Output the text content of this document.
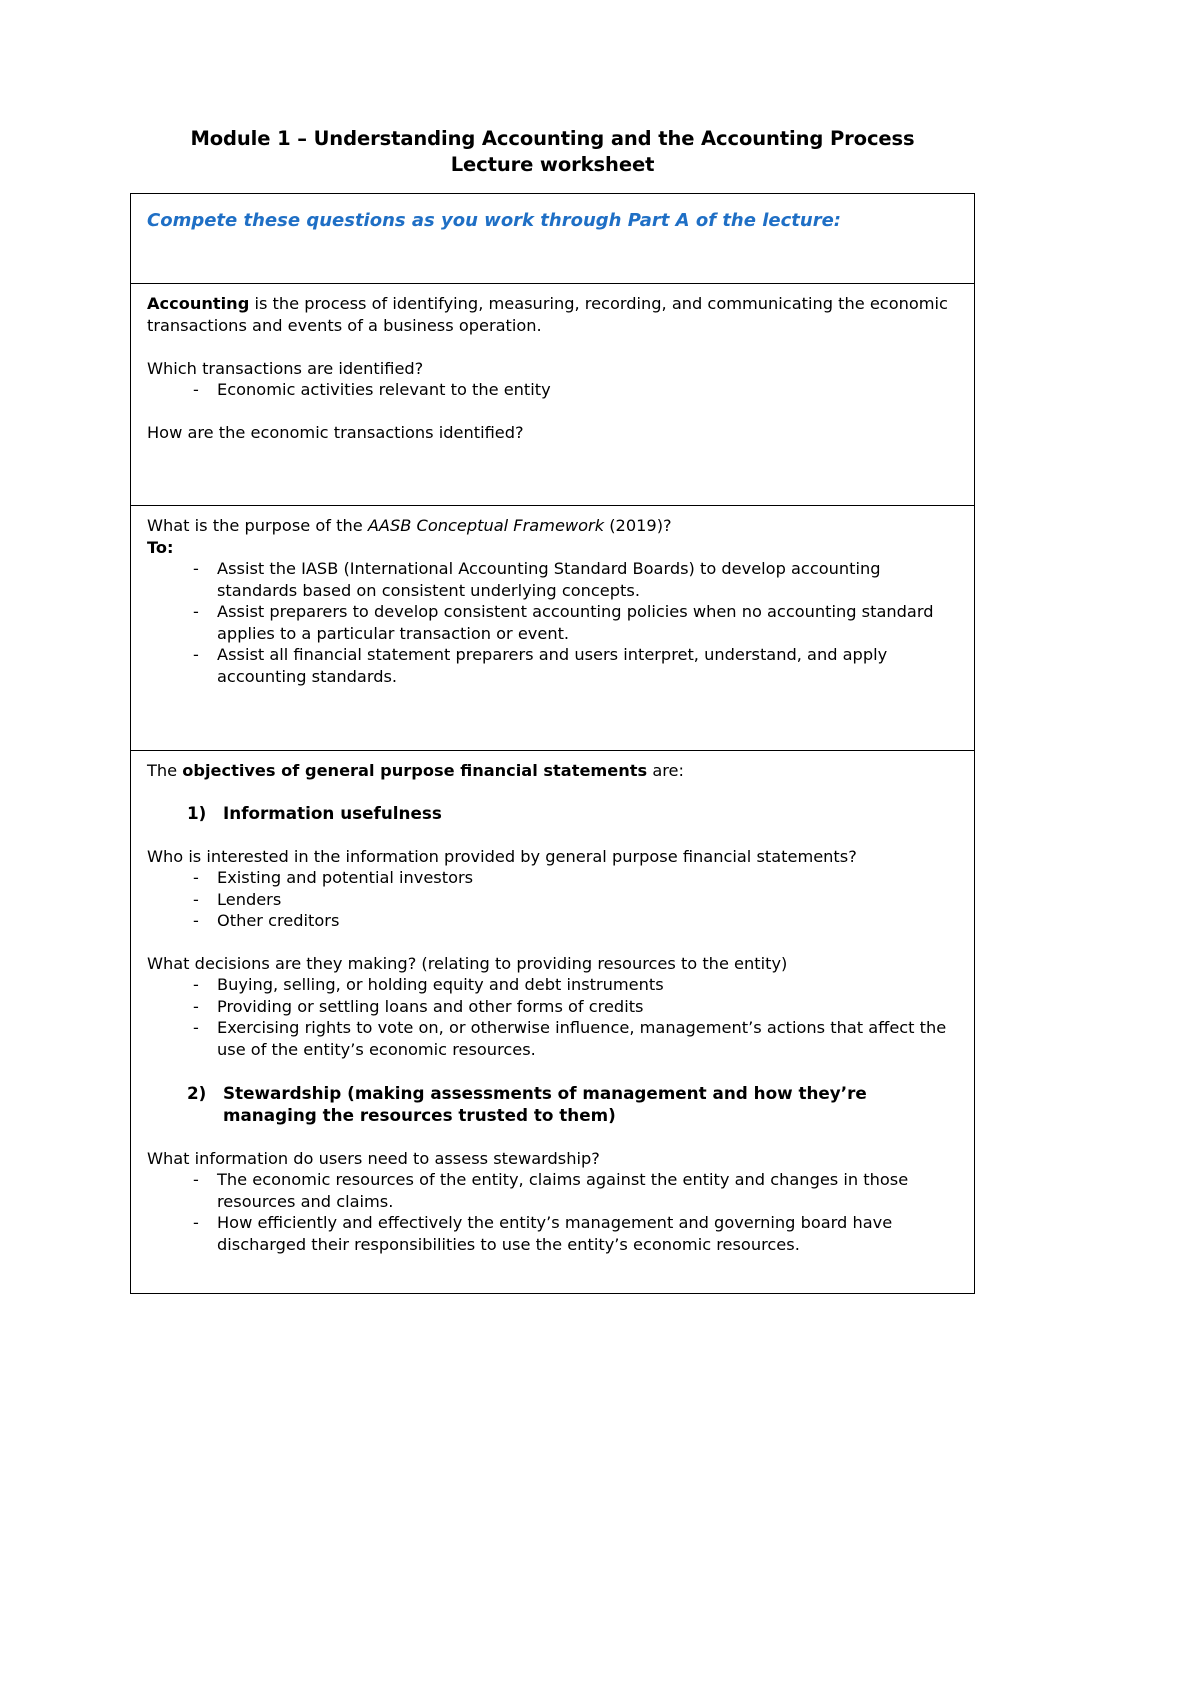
Module 1 – Understanding Accounting and the Accounting Process
Lecture worksheet
Compete these questions as you work through Part A of the lecture:

Accounting is the process of identifying, measuring, recording, and communicating the economic transactions and events of a business operation.

Which transactions are identified?

- Economic activities relevant to the entity

How are the economic transactions identified?

What is the purpose of the AASB Conceptual Framework (2019)?

To:

- Assist the IASB (International Accounting Standard Boards) to develop accounting standards based on consistent underlying concepts.
- Assist preparers to develop consistent accounting policies when no accounting standard applies to a particular transaction or event.
- Assist all financial statement preparers and users interpret, understand, and apply accounting standards.

The objectives of general purpose financial statements are:

1) Information usefulness

Who is interested in the information provided by general purpose financial statements?

- Existing and potential investors
- Lenders
- Other creditors

What decisions are they making? (relating to providing resources to the entity)

- Buying, selling, or holding equity and debt instruments
- Providing or settling loans and other forms of credits
- Exercising rights to vote on, or otherwise influence, management’s actions that affect the use of the entity’s economic resources.

2) Stewardship (making assessments of management and how they’re managing the resources trusted to them)

What information do users need to assess stewardship?

- The economic resources of the entity, claims against the entity and changes in those resources and claims.
- How efficiently and effectively the entity’s management and governing board have discharged their responsibilities to use the entity’s economic resources.
